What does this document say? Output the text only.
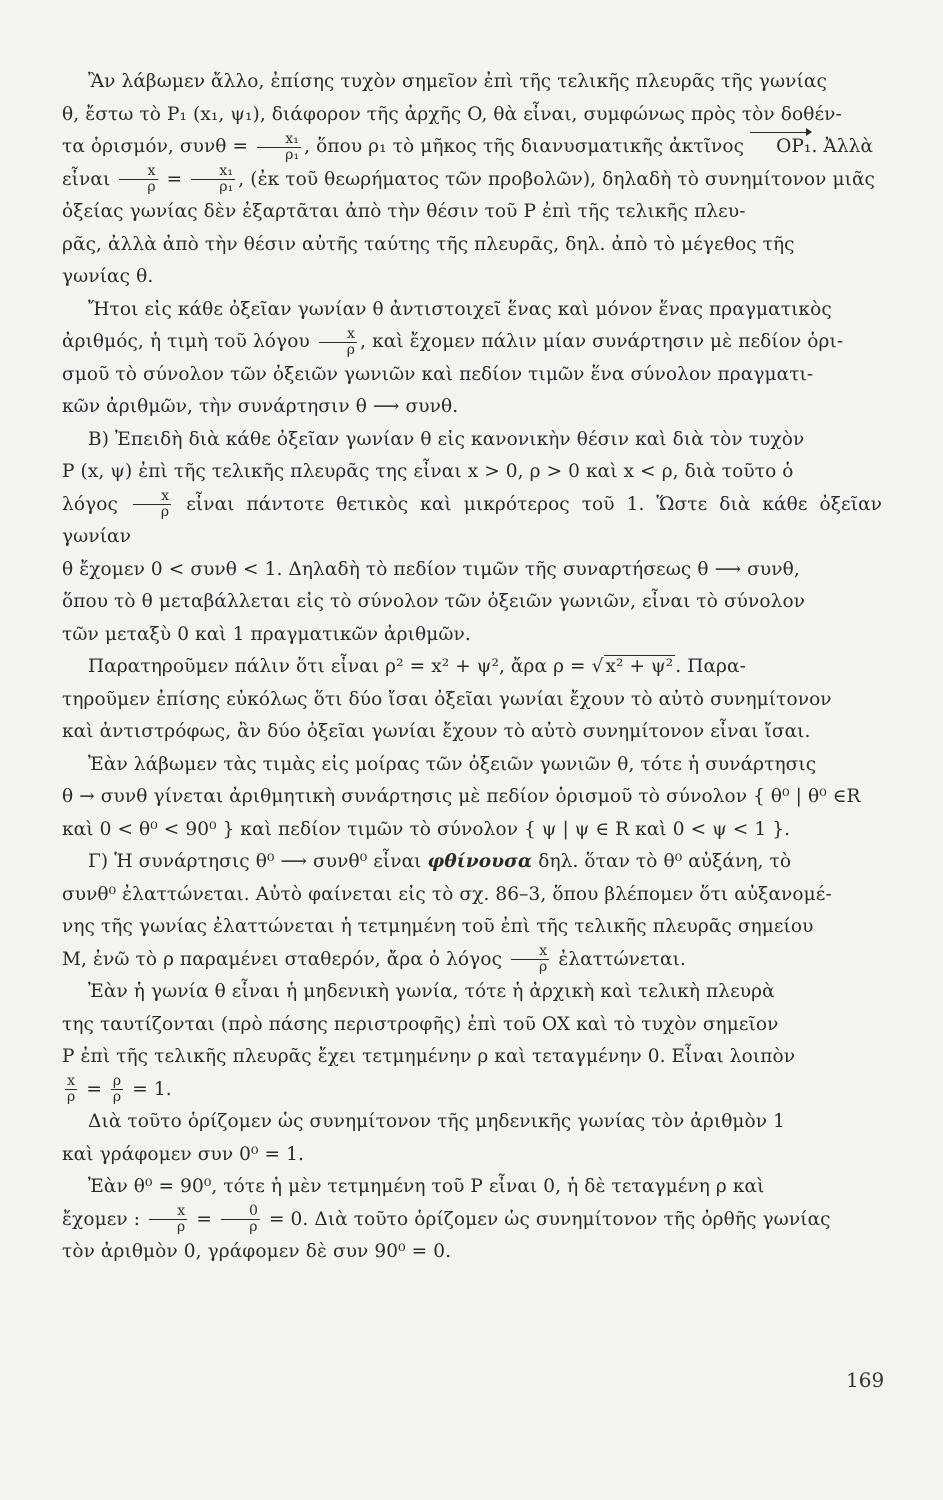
Ἂν λάβωμεν ἄλλο, ἐπίσης τυχὸν σημεῖον ἐπὶ τῆς τελικῆς πλευρᾶς τῆς γωνίας
θ, ἔστω τὸ P₁ (x₁, ψ₁), διάφορον τῆς ἀρχῆς O, θὰ εἶναι, συμφώνως πρὸς τὸν δοθέν-
τα ὁρισμόν, $\sigma\upsilon\nu\theta = \frac{\text{x₁}}{\text{ρ₁}}$ , ὅπου ρ₁ τὸ μῆκος τῆς διανυσματικῆς ἀκτῖνος OP₁. Ἀλλὰ
εἶναι $\frac{x}{\rho} = \frac{\text{x₁}}{\text{ρ₁}}$ , (ἐκ τοῦ θεωρήματος τῶν προβολῶν), δηλαδὴ τὸ συνημίτονον μιᾶς
ὀξείας γωνίας δὲν ἐξαρτᾶται ἀπὸ τὴν θέσιν τοῦ P ἐπὶ τῆς τελικῆς πλευ-
ρᾶς, ἀλλὰ ἀπὸ τὴν θέσιν αὐτῆς ταύτης τῆς πλευρᾶς, δηλ. ἀπὸ τὸ μέγεθος τῆς
γωνίας θ.

Ἤτοι εἰς κάθε ὀξεῖαν γωνίαν θ ἀντιστοιχεῖ ἕνας καὶ μόνον ἕνας πραγματικὸς
ἀριθμός, ἡ τιμὴ τοῦ λόγου $\frac{x}{\rho}$ , καὶ ἔχομεν πάλιν μίαν συνάρτησιν μὲ πεδίον ὁρι-
σμοῦ τὸ σύνολον τῶν ὀξειῶν γωνιῶν καὶ πεδίον τιμῶν ἕνα σύνολον πραγματι-
κῶν ἀριθμῶν, τὴν συνάρτησιν θ ⟶ συνθ.

B) Ἐπειδὴ διὰ κάθε ὀξεῖαν γωνίαν θ εἰς κανονικὴν θέσιν καὶ διὰ τὸν τυχὸν
P (x, ψ) ἐπὶ τῆς τελικῆς πλευρᾶς της εἶναι x > 0, ρ > 0 καὶ x < ρ, διὰ τοῦτο ὁ
λόγος $\frac{x}{\rho}$ εἶναι πάντοτε θετικὸς καὶ μικρότερος τοῦ 1. Ὥστε διὰ κάθε ὀξεῖαν γωνίαν
θ ἔχομεν 0 < συνθ < 1. Δηλαδὴ τὸ πεδίον τιμῶν τῆς συναρτήσεως θ ⟶ συνθ,
ὅπου τὸ θ μεταβάλλεται εἰς τὸ σύνολον τῶν ὀξειῶν γωνιῶν, εἶναι τὸ σύνολον
τῶν μεταξὺ 0 καὶ 1 πραγματικῶν ἀριθμῶν.

Παρατηροῦμεν πάλιν ὅτι εἶναι ρ² = x² + ψ², ἄρα ρ = √ x² + ψ² . Παρα-
τηροῦμεν ἐπίσης εὐκόλως ὅτι δύο ἴσαι ὀξεῖαι γωνίαι ἔχουν τὸ αὐτὸ συνημίτονον
καὶ ἀντιστρόφως, ἂν δύο ὀξεῖαι γωνίαι ἔχουν τὸ αὐτὸ συνημίτονον εἶναι ἴσαι.

Ἐὰν λάβωμεν τὰς τιμὰς εἰς μοίρας τῶν ὀξειῶν γωνιῶν θ, τότε ἡ συνάρτησις
θ → συνθ γίνεται ἀριθμητικὴ συνάρτησις μὲ πεδίον ὁρισμοῦ τὸ σύνολον { θ⁰ | θ⁰ ∈R
καὶ 0 < θ⁰ < 90⁰ } καὶ πεδίον τιμῶν τὸ σύνολον { ψ | ψ ∈ R καὶ 0 < ψ < 1 }.

Γ) Ἡ συνάρτησις θ⁰ ⟶ συνθ⁰ εἶναι φθίνουσα δηλ. ὅταν τὸ θ⁰ αὐξάνη, τὸ
συνθ⁰ ἐλαττώνεται. Αὐτὸ φαίνεται εἰς τὸ σχ. 86–3, ὅπου βλέπομεν ὅτι αὐξανομέ-
νης τῆς γωνίας ἐλαττώνεται ἡ τετμημένη τοῦ ἐπὶ τῆς τελικῆς πλευρᾶς σημείου
M, ἐνῶ τὸ ρ παραμένει σταθερόν, ἄρα ὁ λόγος $\frac{x}{\rho}$ ἐλαττώνεται.

Ἐὰν ἡ γωνία θ εἶναι ἡ μηδενικὴ γωνία, τότε ἡ ἀρχικὴ καὶ τελικὴ πλευρὰ
της ταυτίζονται (πρὸ πάσης περιστροφῆς) ἐπὶ τοῦ OX καὶ τὸ τυχὸν σημεῖον
P ἐπὶ τῆς τελικῆς πλευρᾶς ἔχει τετμημένην ρ καὶ τεταγμένην 0. Εἶναι λοιπὸν

$\frac{x}{\rho} = \frac{\rho}{\rho} = 1$.

Διὰ τοῦτο ὁρίζομεν ὡς συνημίτονον τῆς μηδενικῆς γωνίας τὸν ἀριθμὸν 1
καὶ γράφομεν συν 0⁰ = 1.

Ἐὰν θ⁰ = 90⁰, τότε ἡ μὲν τετμημένη τοῦ P εἶναι 0, ἡ δὲ τεταγμένη ρ καὶ
ἔχομεν : $\frac{x}{\rho} = \frac{0}{\rho} = 0$. Διὰ τοῦτο ὁρίζομεν ὡς συνημίτονον τῆς ὀρθῆς γωνίας
τὸν ἀριθμὸν 0, γράφομεν δὲ συν 90⁰ = 0.

169
